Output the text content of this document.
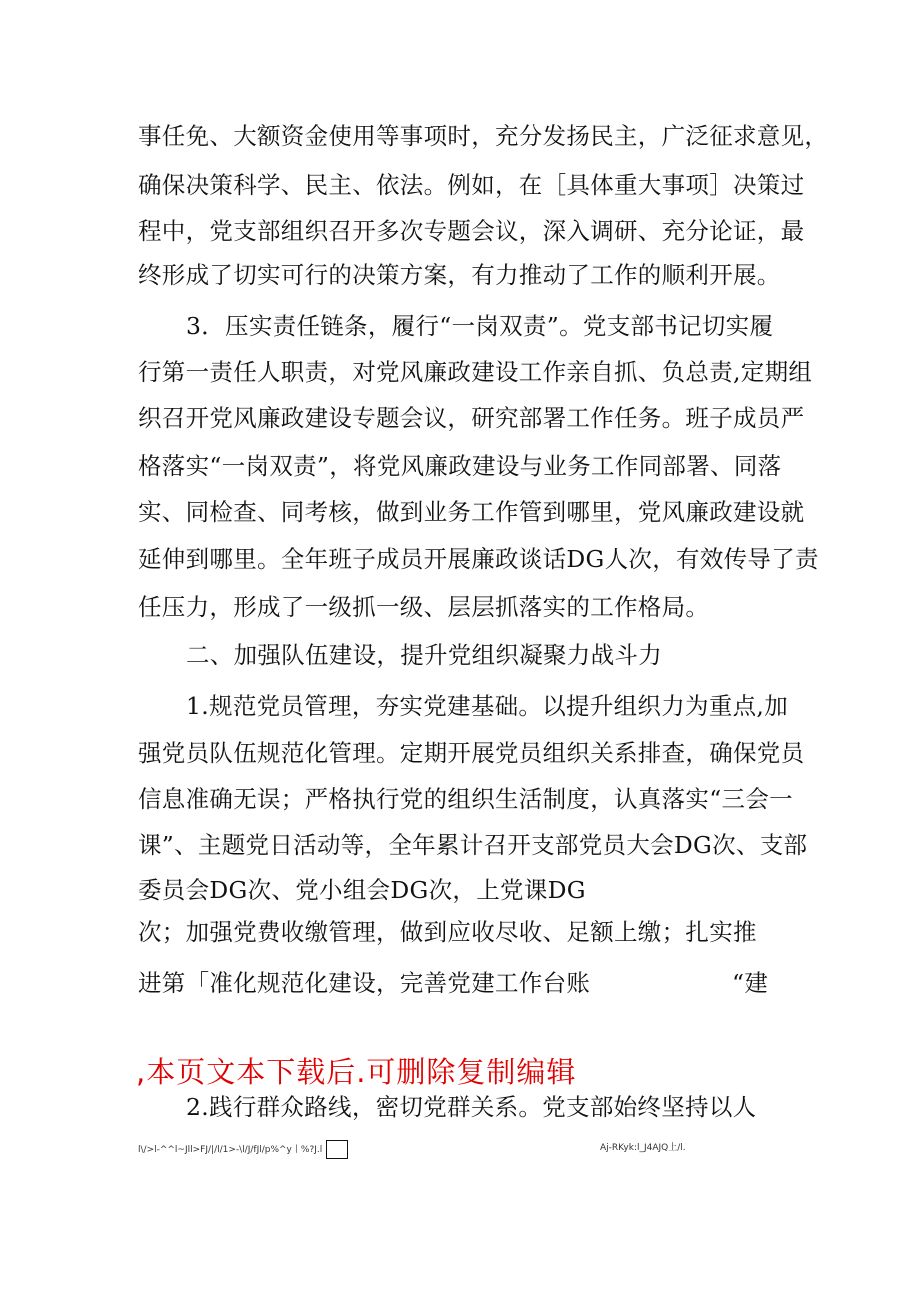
事任免、大额资金使用等事项时，充分发扬民主，广泛征求意见，
确保决策科学、民主、依法。例如，在［具体重大事项］决策过
程中，党支部组织召开多次专题会议，深入调研、充分论证，最
终形成了切实可行的决策方案，有力推动了工作的顺利开展。
3．压实责任链条，履行“一岗双责”。党支部书记切实履
行第一责任人职责，对党风廉政建设工作亲自抓、负总责,定期组
织召开党风廉政建设专题会议，研究部署工作任务。班子成员严
格落实“一岗双责”，将党风廉政建设与业务工作同部署、同落
实、同检查、同考核，做到业务工作管到哪里，党风廉政建设就
延伸到哪里。全年班子成员开展廉政谈话DG人次，有效传导了责
任压力，形成了一级抓一级、层层抓落实的工作格局。
二、加强队伍建设，提升党组织凝聚力战斗力
1.规范党员管理，夯实党建基础。以提升组织力为重点,加
强党员队伍规范化管理。定期开展党员组织关系排查，确保党员
信息准确无误；严格执行党的组织生活制度，认真落实“三会一
课”、主题党日活动等，全年累计召开支部党员大会DG次、支部
委员会DG次、党小组会DG次，上党课DG
次；加强党费收缴管理，做到应收尽收、足额上缴；扎实推
进第「准化规范化建设，完善党建工作台账	“建
,本页文本下载后.可删除复制编辑
2.践行群众路线，密切党群关系。党支部始终坚持以人
l\/>l-^^l~Jll>FJ/|/l/1>-\l/J/fJl/p%^y丨%?J.l	Aj-RKyk:l_J4AJQ上/l.
